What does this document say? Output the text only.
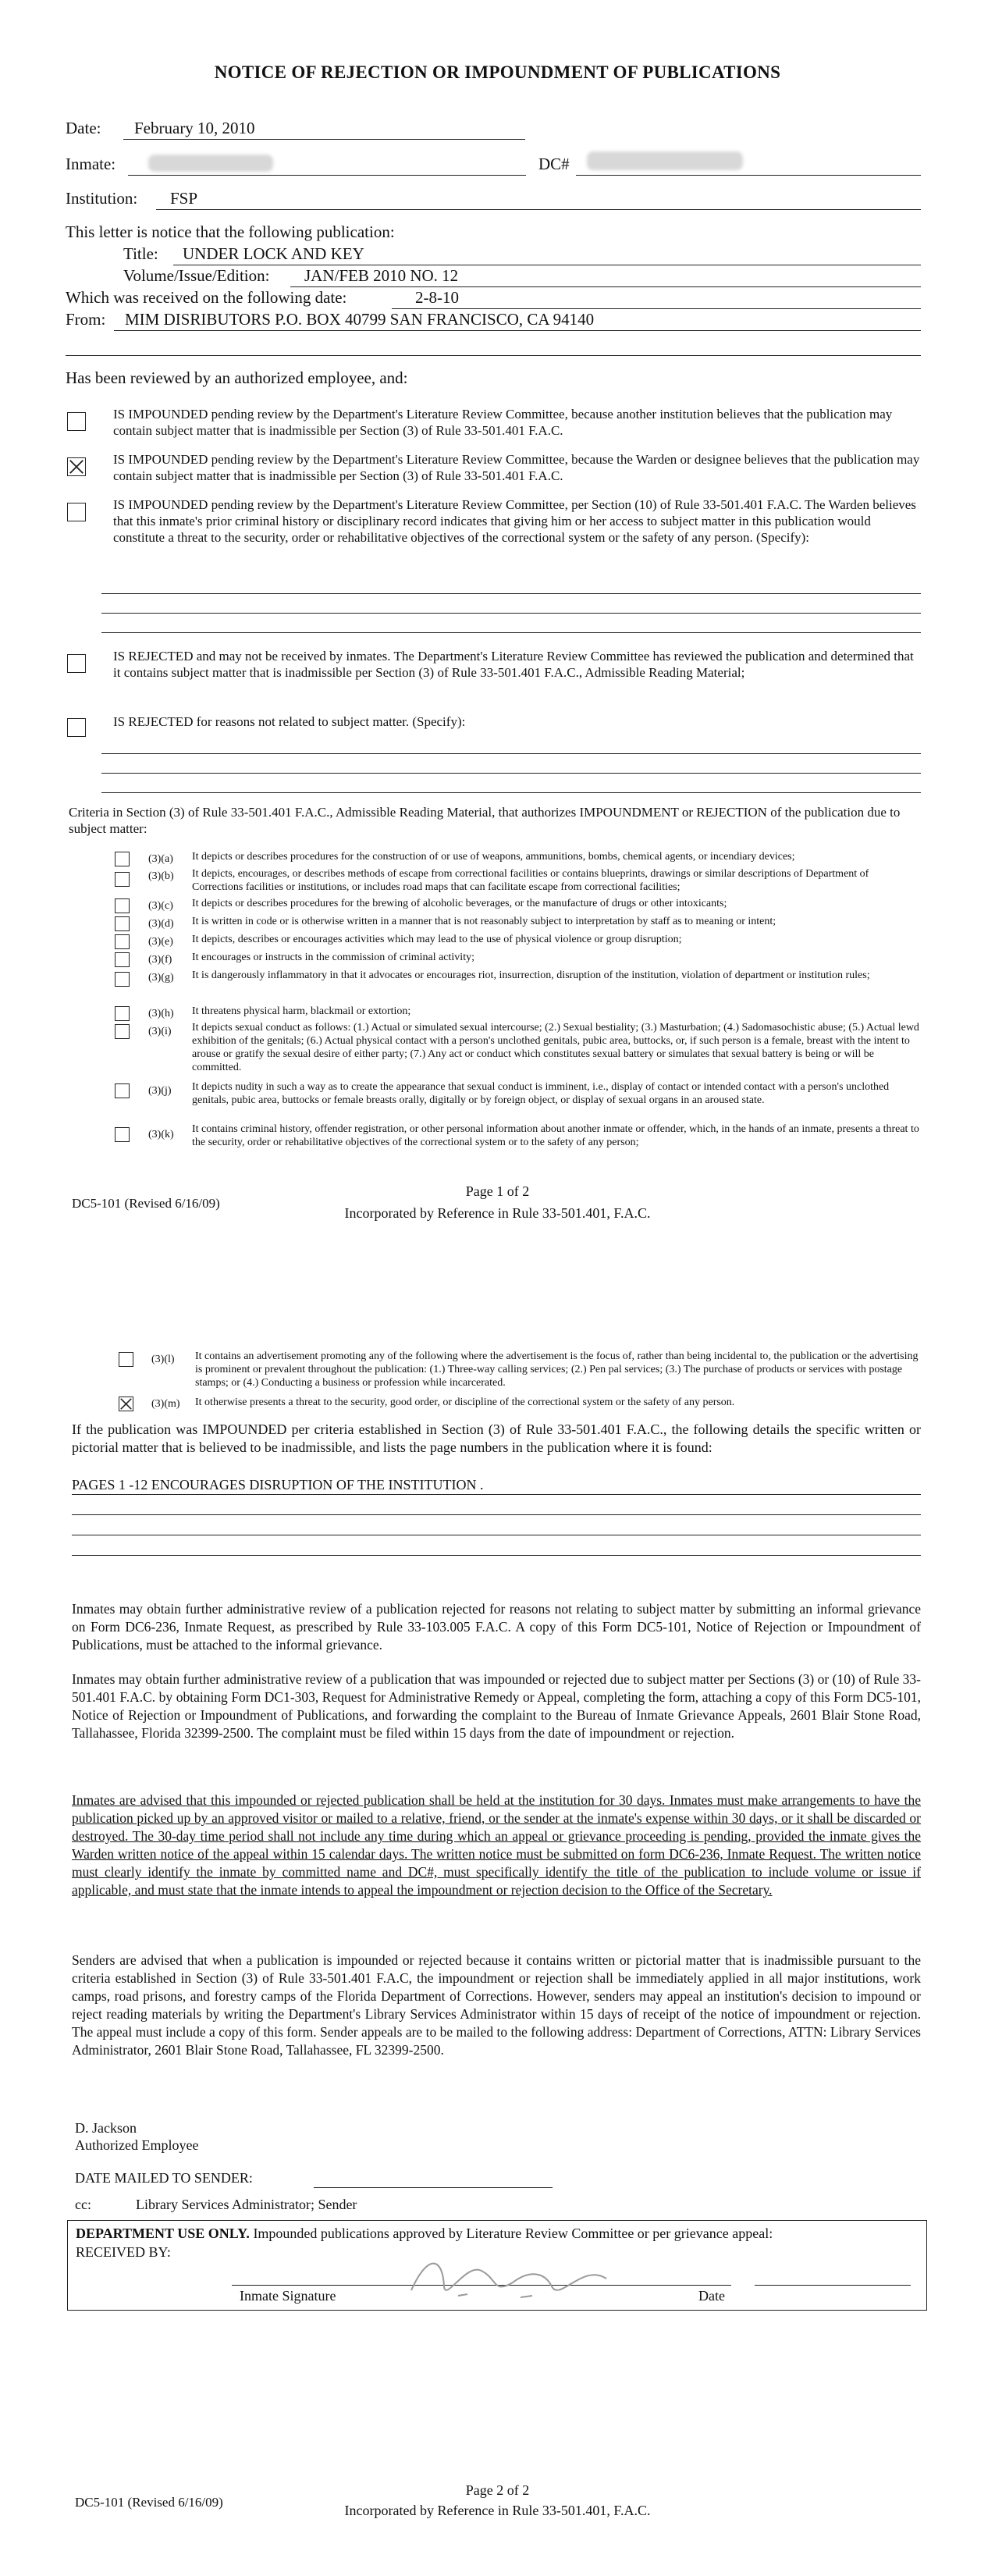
NOTICE OF REJECTION OR IMPOUNDMENT OF PUBLICATIONS
Date: February 10, 2010
Inmate:	DC#
Institution: FSP
This letter is notice that the following publication:
Title: UNDER LOCK AND KEY
Volume/Issue/Edition: JAN/FEB 2010 NO. 12
Which was received on the following date:	2-8-10
From: MIM DISRIBUTORS P.O. BOX 40799 SAN FRANCISCO, CA 94140
Has been reviewed by an authorized employee, and:
IS IMPOUNDED pending review by the Department's Literature Review Committee, because another institution believes that the publication may contain subject matter that is inadmissible per Section (3) of Rule 33-501.401 F.A.C.
IS IMPOUNDED pending review by the Department's Literature Review Committee, because the Warden or designee believes that the publication may contain subject matter that is inadmissible per Section (3) of Rule 33-501.401 F.A.C.
IS IMPOUNDED pending review by the Department's Literature Review Committee, per Section (10) of Rule 33-501.401 F.A.C. The Warden believes that this inmate's prior criminal history or disciplinary record indicates that giving him or her access to subject matter in this publication would constitute a threat to the security, order or rehabilitative objectives of the correctional system or the safety of any person. (Specify):
IS REJECTED and may not be received by inmates. The Department's Literature Review Committee has reviewed the publication and determined that it contains subject matter that is inadmissible per Section (3) of Rule 33-501.401 F.A.C., Admissible Reading Material;
IS REJECTED for reasons not related to subject matter. (Specify):
Criteria in Section (3) of Rule 33-501.401 F.A.C., Admissible Reading Material, that authorizes IMPOUNDMENT or REJECTION of the publication due to subject matter:
(3)(a) It depicts or describes procedures for the construction of or use of weapons, ammunitions, bombs, chemical agents, or incendiary devices;
(3)(b) It depicts, encourages, or describes methods of escape from correctional facilities or contains blueprints, drawings or similar descriptions of Department of Corrections facilities or institutions, or includes road maps that can facilitate escape from correctional facilities;
(3)(c) It depicts or describes procedures for the brewing of alcoholic beverages, or the manufacture of drugs or other intoxicants;
(3)(d) It is written in code or is otherwise written in a manner that is not reasonably subject to interpretation by staff as to meaning or intent;
(3)(e) It depicts, describes or encourages activities which may lead to the use of physical violence or group disruption;
(3)(f) It encourages or instructs in the commission of criminal activity;
(3)(g) It is dangerously inflammatory in that it advocates or encourages riot, insurrection, disruption of the institution, violation of department or institution rules;
(3)(h) It threatens physical harm, blackmail or extortion;
(3)(i) It depicts sexual conduct as follows: (1.) Actual or simulated sexual intercourse; (2.) Sexual bestiality; (3.) Masturbation; (4.) Sadomasochistic abuse; (5.) Actual lewd exhibition of the genitals; (6.) Actual physical contact with a person's unclothed genitals, pubic area, buttocks, or, if such person is a female, breast with the intent to arouse or gratify the sexual desire of either party; (7.) Any act or conduct which constitutes sexual battery or simulates that sexual battery is being or will be committed.
(3)(j) It depicts nudity in such a way as to create the appearance that sexual conduct is imminent, i.e., display of contact or intended contact with a person's unclothed genitals, pubic area, buttocks or female breasts orally, digitally or by foreign object, or display of sexual organs in an aroused state.
(3)(k) It contains criminal history, offender registration, or other personal information about another inmate or offender, which, in the hands of an inmate, presents a threat to the security, order or rehabilitative objectives of the correctional system or to the safety of any person;
DC5-101 (Revised 6/16/09)
Page 1 of 2
Incorporated by Reference in Rule 33-501.401, F.A.C.
(3)(l) It contains an advertisement promoting any of the following where the advertisement is the focus of, rather than being incidental to, the publication or the advertising is prominent or prevalent throughout the publication: (1.) Three-way calling services; (2.) Pen pal services; (3.) The purchase of products or services with postage stamps; or (4.) Conducting a business or profession while incarcerated.
(3)(m) It otherwise presents a threat to the security, good order, or discipline of the correctional system or the safety of any person.
If the publication was IMPOUNDED per criteria established in Section (3) of Rule 33-501.401 F.A.C., the following details the specific written or pictorial matter that is believed to be inadmissible, and lists the page numbers in the publication where it is found:
PAGES 1 -12 ENCOURAGES DISRUPTION OF THE INSTITUTION .
Inmates may obtain further administrative review of a publication rejected for reasons not relating to subject matter by submitting an informal grievance on Form DC6-236, Inmate Request, as prescribed by Rule 33-103.005 F.A.C. A copy of this Form DC5-101, Notice of Rejection or Impoundment of Publications, must be attached to the informal grievance.
Inmates may obtain further administrative review of a publication that was impounded or rejected due to subject matter per Sections (3) or (10) of Rule 33-501.401 F.A.C. by obtaining Form DC1-303, Request for Administrative Remedy or Appeal, completing the form, attaching a copy of this Form DC5-101, Notice of Rejection or Impoundment of Publications, and forwarding the complaint to the Bureau of Inmate Grievance Appeals, 2601 Blair Stone Road, Tallahassee, Florida 32399-2500. The complaint must be filed within 15 days from the date of impoundment or rejection.
Inmates are advised that this impounded or rejected publication shall be held at the institution for 30 days. Inmates must make arrangements to have the publication picked up by an approved visitor or mailed to a relative, friend, or the sender at the inmate's expense within 30 days, or it shall be discarded or destroyed. The 30-day time period shall not include any time during which an appeal or grievance proceeding is pending, provided the inmate gives the Warden written notice of the appeal within 15 calendar days. The written notice must be submitted on form DC6-236, Inmate Request. The written notice must clearly identify the inmate by committed name and DC#, must specifically identify the title of the publication to include volume or issue if applicable, and must state that the inmate intends to appeal the impoundment or rejection decision to the Office of the Secretary.
Senders are advised that when a publication is impounded or rejected because it contains written or pictorial matter that is inadmissible pursuant to the criteria established in Section (3) of Rule 33-501.401 F.A.C, the impoundment or rejection shall be immediately applied in all major institutions, work camps, road prisons, and forestry camps of the Florida Department of Corrections. However, senders may appeal an institution's decision to impound or reject reading materials by writing the Department's Library Services Administrator within 15 days of receipt of the notice of impoundment or rejection. The appeal must include a copy of this form. Sender appeals are to be mailed to the following address: Department of Corrections, ATTN: Library Services Administrator, 2601 Blair Stone Road, Tallahassee, FL 32399-2500.
D. Jackson
Authorized Employee
DATE MAILED TO SENDER:
cc:	Library Services Administrator; Sender
DEPARTMENT USE ONLY. Impounded publications approved by Literature Review Committee or per grievance appeal:
RECEIVED BY:
Inmate Signature	Date
DC5-101 (Revised 6/16/09)
Page 2 of 2
Incorporated by Reference in Rule 33-501.401, F.A.C.
